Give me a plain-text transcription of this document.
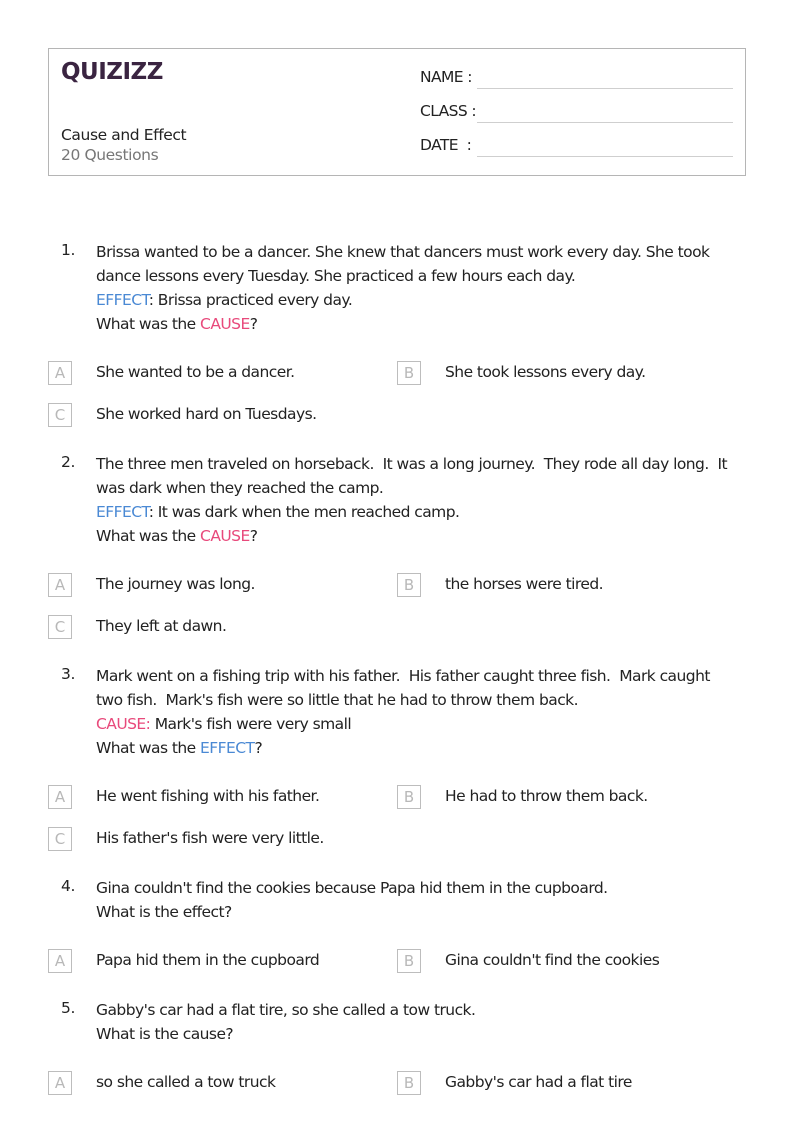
QUIZIZZ
Cause and Effect
20 Questions
NAME :
CLASS :
DATE  :
1. Brissa wanted to be a dancer. She knew that dancers must work every day. She took
dance lessons every Tuesday. She practiced a few hours each day.
EFFECT: Brissa practiced every day.
What was the CAUSE?
A	She wanted to be a dancer.	B	She took lessons every day.
C	She worked hard on Tuesdays.
2. The three men traveled on horseback.  It was a long journey.  They rode all day long.  It
was dark when they reached the camp.
EFFECT: It was dark when the men reached camp.
What was the CAUSE?
A	The journey was long.	B	the horses were tired.
C	They left at dawn.
3. Mark went on a fishing trip with his father.  His father caught three fish.  Mark caught
two fish.  Mark's fish were so little that he had to throw them back.
CAUSE: Mark's fish were very small
What was the EFFECT?
A	He went fishing with his father.	B	He had to throw them back.
C	His father's fish were very little.
4. Gina couldn't find the cookies because Papa hid them in the cupboard.
What is the effect?
A	Papa hid them in the cupboard	B	Gina couldn't find the cookies
5. Gabby's car had a flat tire, so she called a tow truck.
What is the cause?
A	so she called a tow truck	B	Gabby's car had a flat tire
